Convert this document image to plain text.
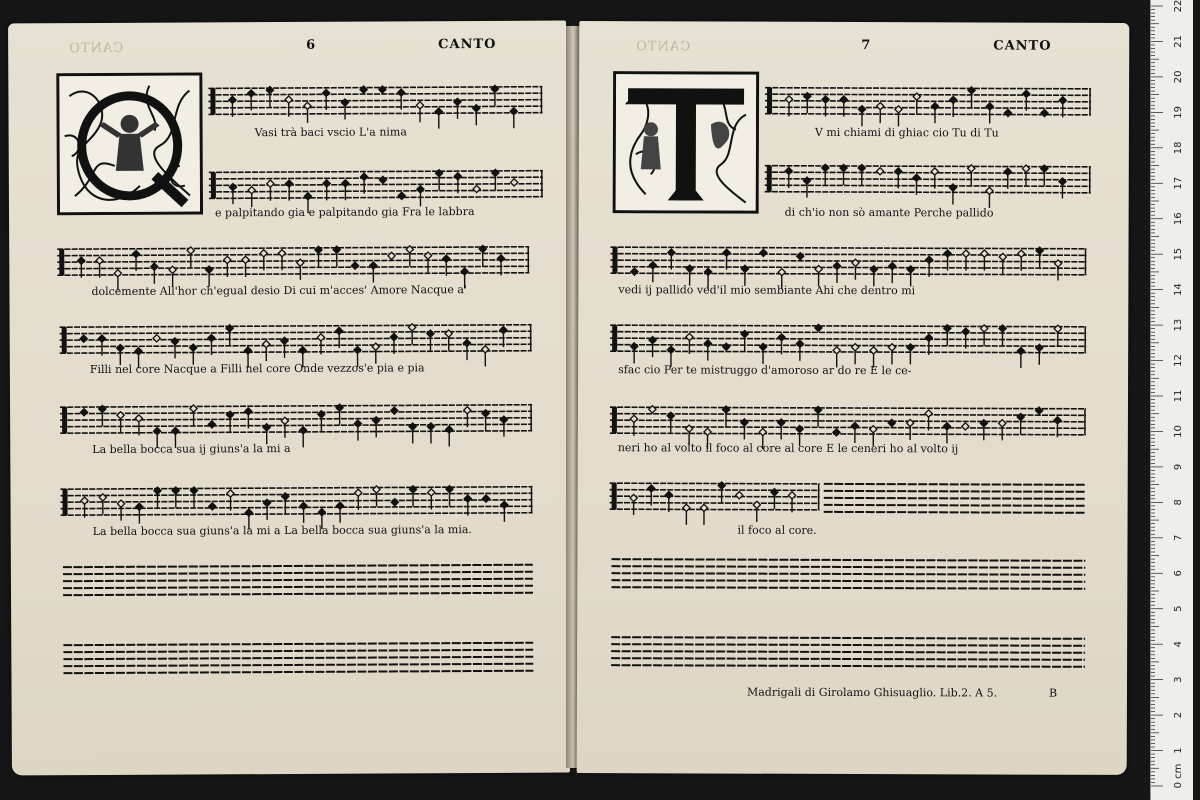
CANTO	6	CANTO
Vasi trà baci vscio L'a nima
e palpitando gia e palpitando gia Fra le labbra
dolcemente All'hor ch'egual desio Di cui m'acces' Amore Nacque a'
Filli nel core Nacque a Filli nel core Onde vezzos'e pia e pia
La bella bocca sua ij giuns'a la mi a
La bella bocca sua giuns'a la mi a La bella bocca sua giuns'a la mia.
CANTO	7	CANTO
V mi chiami di ghiac cio Tu di Tu
di ch'io non sò amante Perche pallido
vedi ij pallido ved'il mio sembiante Ahi che dentro mi
sfac cio Per te mistruggo d'amoroso ar do re E le ce-
neri ho al volto il foco al core al core E le ceneri ho al volto ij
il foco al core.
Madrigali di Girolamo Ghisuaglio. Lib.2. A 5.	B
0 cm
1
2
3
4
5
6
7
8
9
10
11
12
13
14
15
16
17
18
19
20
21
22
